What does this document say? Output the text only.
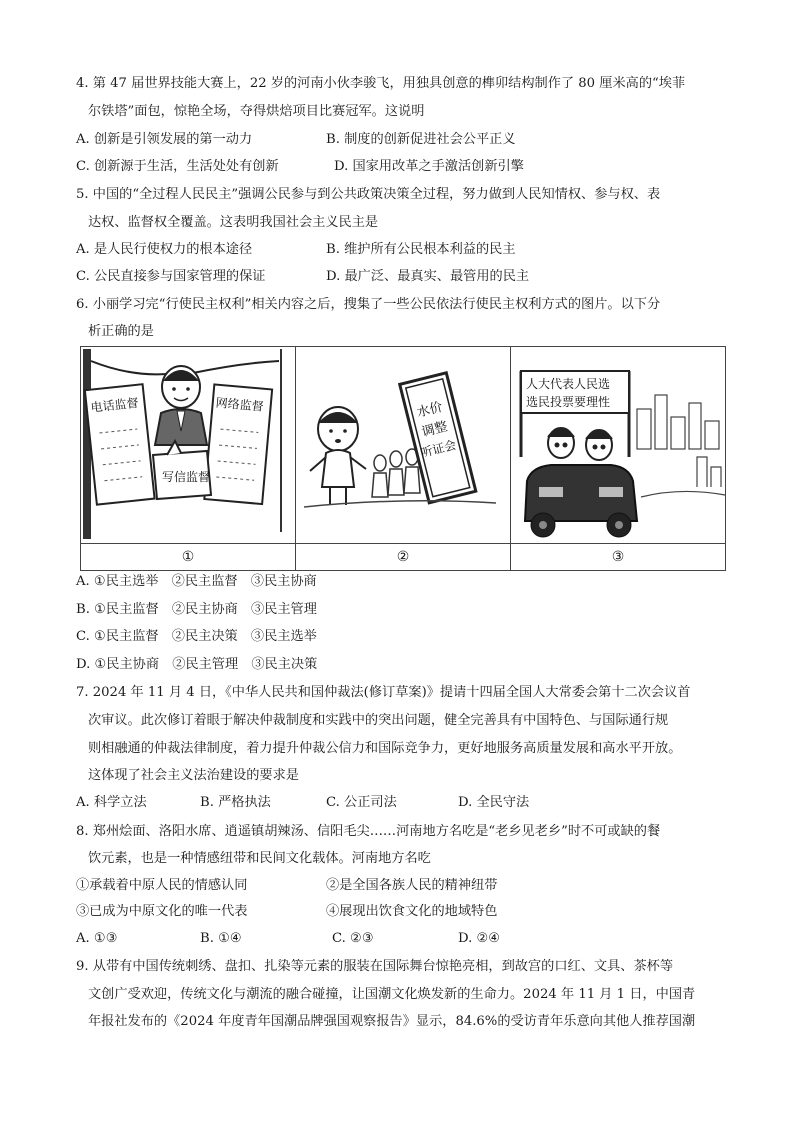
4. 第 47 届世界技能大赛上，22 岁的河南小伙李骏飞，用独具创意的榫卯结构制作了 80 厘米高的“埃菲
尔铁塔”面包，惊艳全场，夺得烘焙项目比赛冠军。这说明
A. 创新是引领发展的第一动力	B. 制度的创新促进社会公平正义
C. 创新源于生活，生活处处有创新	D. 国家用改革之手激活创新引擎
5. 中国的“全过程人民民主”强调公民参与到公共政策决策全过程，努力做到人民知情权、参与权、表
达权、监督权全覆盖。这表明我国社会主义民主是
A. 是人民行使权力的根本途径	B. 维护所有公民根本利益的民主
C. 公民直接参与国家管理的保证	D. 最广泛、最真实、最管用的民主
6. 小丽学习完“行使民主权利”相关内容之后，搜集了一些公民依法行使民主权利方式的图片。以下分
析正确的是
电话监督 网络监督
写信监督	水价
调整
听证会	人大代表人民选
选民投票要理性

①	②	③
A. ①民主选举　②民主监督　③民主协商
B. ①民主监督　②民主协商　③民主管理
C. ①民主监督　②民主决策　③民主选举
D. ①民主协商　②民主管理　③民主决策
7. 2024 年 11 月 4 日，《中华人民共和国仲裁法(修订草案)》提请十四届全国人大常委会第十二次会议首
次审议。此次修订着眼于解决仲裁制度和实践中的突出问题，健全完善具有中国特色、与国际通行规
则相融通的仲裁法律制度，着力提升仲裁公信力和国际竞争力，更好地服务高质量发展和高水平开放。
这体现了社会主义法治建设的要求是
A. 科学立法	B. 严格执法	C. 公正司法	D. 全民守法
8. 郑州烩面、洛阳水席、逍遥镇胡辣汤、信阳毛尖……河南地方名吃是“老乡见老乡”时不可或缺的餐
饮元素，也是一种情感纽带和民间文化载体。河南地方名吃
①承载着中原人民的情感认同	②是全国各族人民的精神纽带
③已成为中原文化的唯一代表	④展现出饮食文化的地域特色
A. ①③	B. ①④	C. ②③	D. ②④
9. 从带有中国传统刺绣、盘扣、扎染等元素的服装在国际舞台惊艳亮相，到故宫的口红、文具、茶杯等
文创广受欢迎，传统文化与潮流的融合碰撞，让国潮文化焕发新的生命力。2024 年 11 月 1 日，中国青
年报社发布的《2024 年度青年国潮品牌强国观察报告》显示，84.6%的受访青年乐意向其他人推荐国潮
